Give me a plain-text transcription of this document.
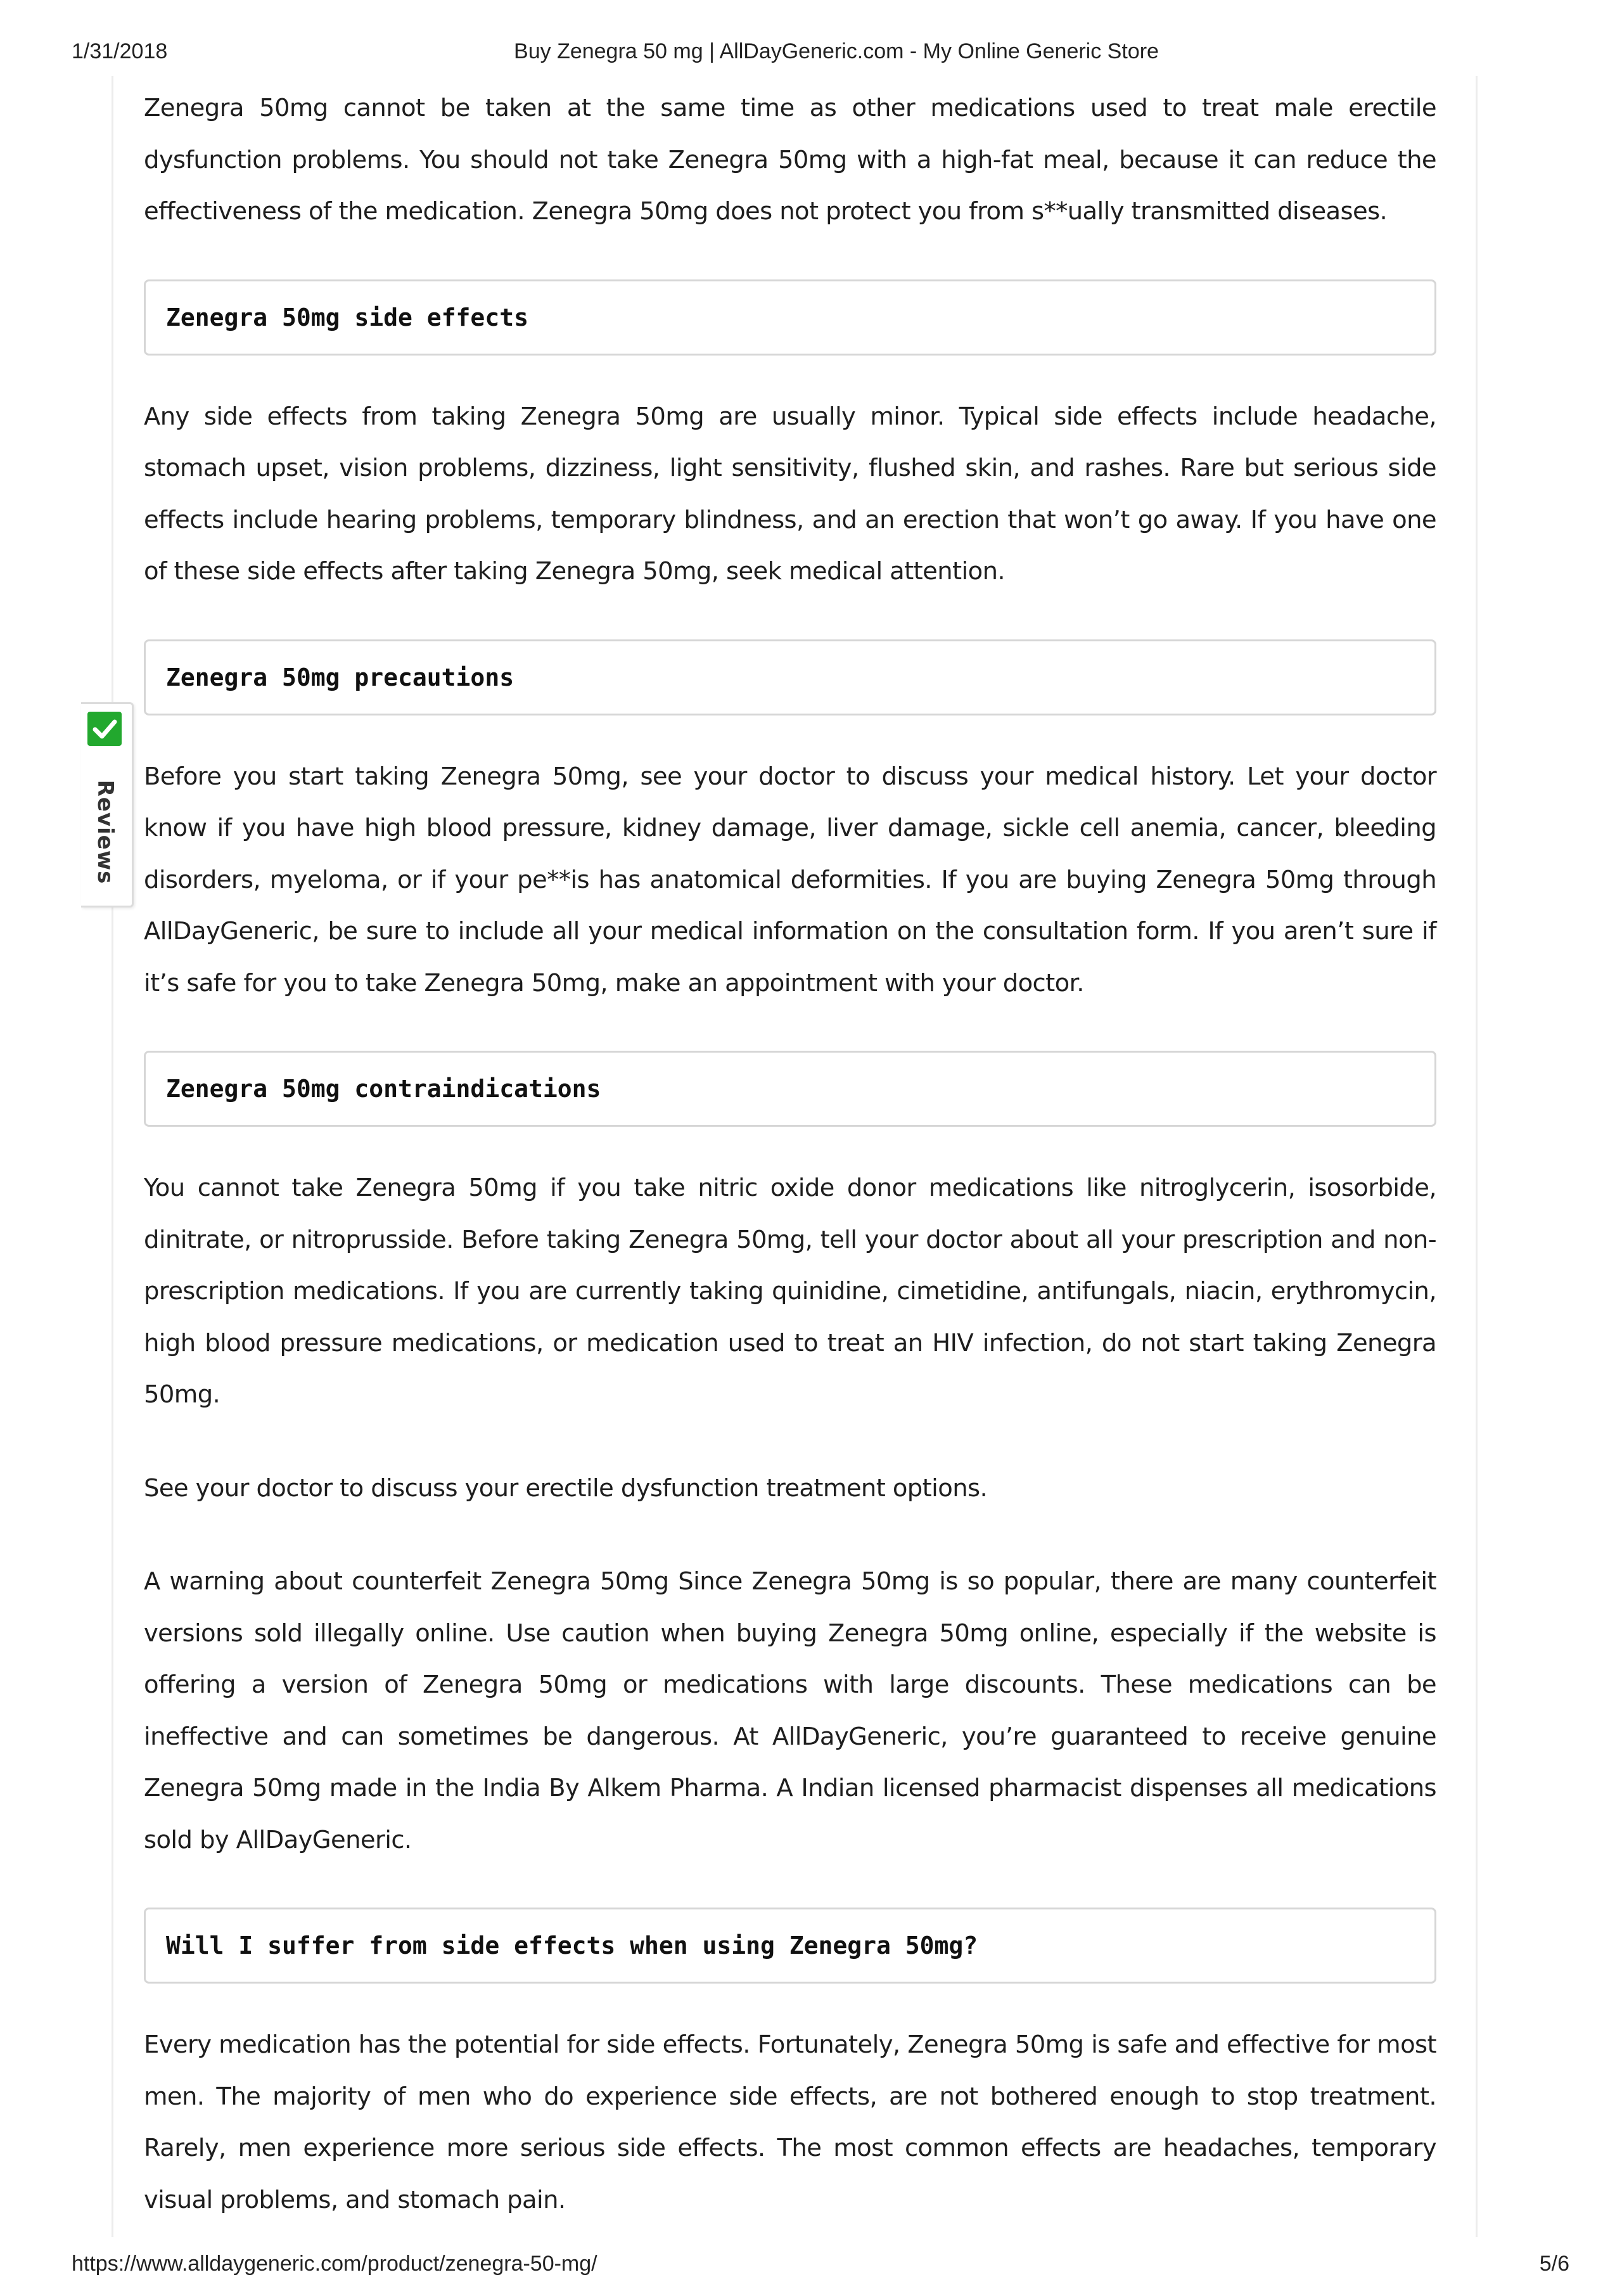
1/31/2018	Buy Zenegra 50 mg | AllDayGeneric.com - My Online Generic Store
Reviews

Zenegra 50mg cannot be taken at the same time as other medications used to treat male erectile dysfunction problems. You should not take Zenegra 50mg with a high-fat meal, because it can reduce the effectiveness of the medication. Zenegra 50mg does not protect you from s**ually transmitted diseases.

Zenegra 50mg side effects

Any side effects from taking Zenegra 50mg are usually minor. Typical side effects include headache, stomach upset, vision problems, dizziness, light sensitivity, flushed skin, and rashes. Rare but serious side effects include hearing problems, temporary blindness, and an erection that won’t go away. If you have one of these side effects after taking Zenegra 50mg, seek medical attention.

Zenegra 50mg precautions

Before you start taking Zenegra 50mg, see your doctor to discuss your medical history. Let your doctor know if you have high blood pressure, kidney damage, liver damage, sickle cell anemia, cancer, bleeding disorders, myeloma, or if your pe**is has anatomical deformities. If you are buying Zenegra 50mg through AllDayGeneric, be sure to include all your medical information on the consultation form. If you aren’t sure if it’s safe for you to take Zenegra 50mg, make an appointment with your doctor.

Zenegra 50mg contraindications

You cannot take Zenegra 50mg if you take nitric oxide donor medications like nitroglycerin, isosorbide, dinitrate, or nitroprusside. Before taking Zenegra 50mg, tell your doctor about all your prescription and non-prescription medications. If you are currently taking quinidine, cimetidine, antifungals, niacin, erythromycin, high blood pressure medications, or medication used to treat an HIV infection, do not start taking Zenegra 50mg.

See your doctor to discuss your erectile dysfunction treatment options.

A warning about counterfeit Zenegra 50mg Since Zenegra 50mg is so popular, there are many counterfeit versions sold illegally online. Use caution when buying Zenegra 50mg online, especially if the website is offering a version of Zenegra 50mg or medications with large discounts. These medications can be ineffective and can sometimes be dangerous. At AllDayGeneric, you’re guaranteed to receive genuine Zenegra 50mg made in the India By Alkem Pharma. A Indian licensed pharmacist dispenses all medications sold by AllDayGeneric.

Will I suffer from side effects when using Zenegra 50mg?

Every medication has the potential for side effects. Fortunately, Zenegra 50mg is safe and effective for most men. The majority of men who do experience side effects, are not bothered enough to stop treatment. Rarely, men experience more serious side effects. The most common effects are headaches, temporary visual problems, and stomach pain.

https://www.alldaygeneric.com/product/zenegra-50-mg/	5/6
